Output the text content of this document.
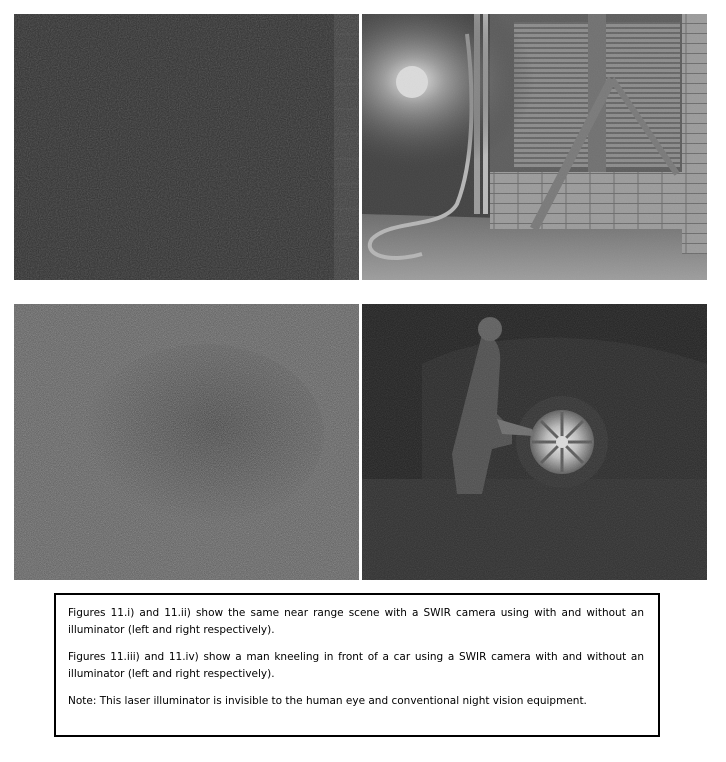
Figures 11.i) and 11.ii) show the same near range scene with a SWIR camera using with and without an illuminator (left and right respectively).

Figures 11.iii) and 11.iv) show a man kneeling in front of a car using a SWIR camera with and without an illuminator (left and right respectively).

Note: This laser illuminator is invisible to the human eye and conventional night vision equipment.
